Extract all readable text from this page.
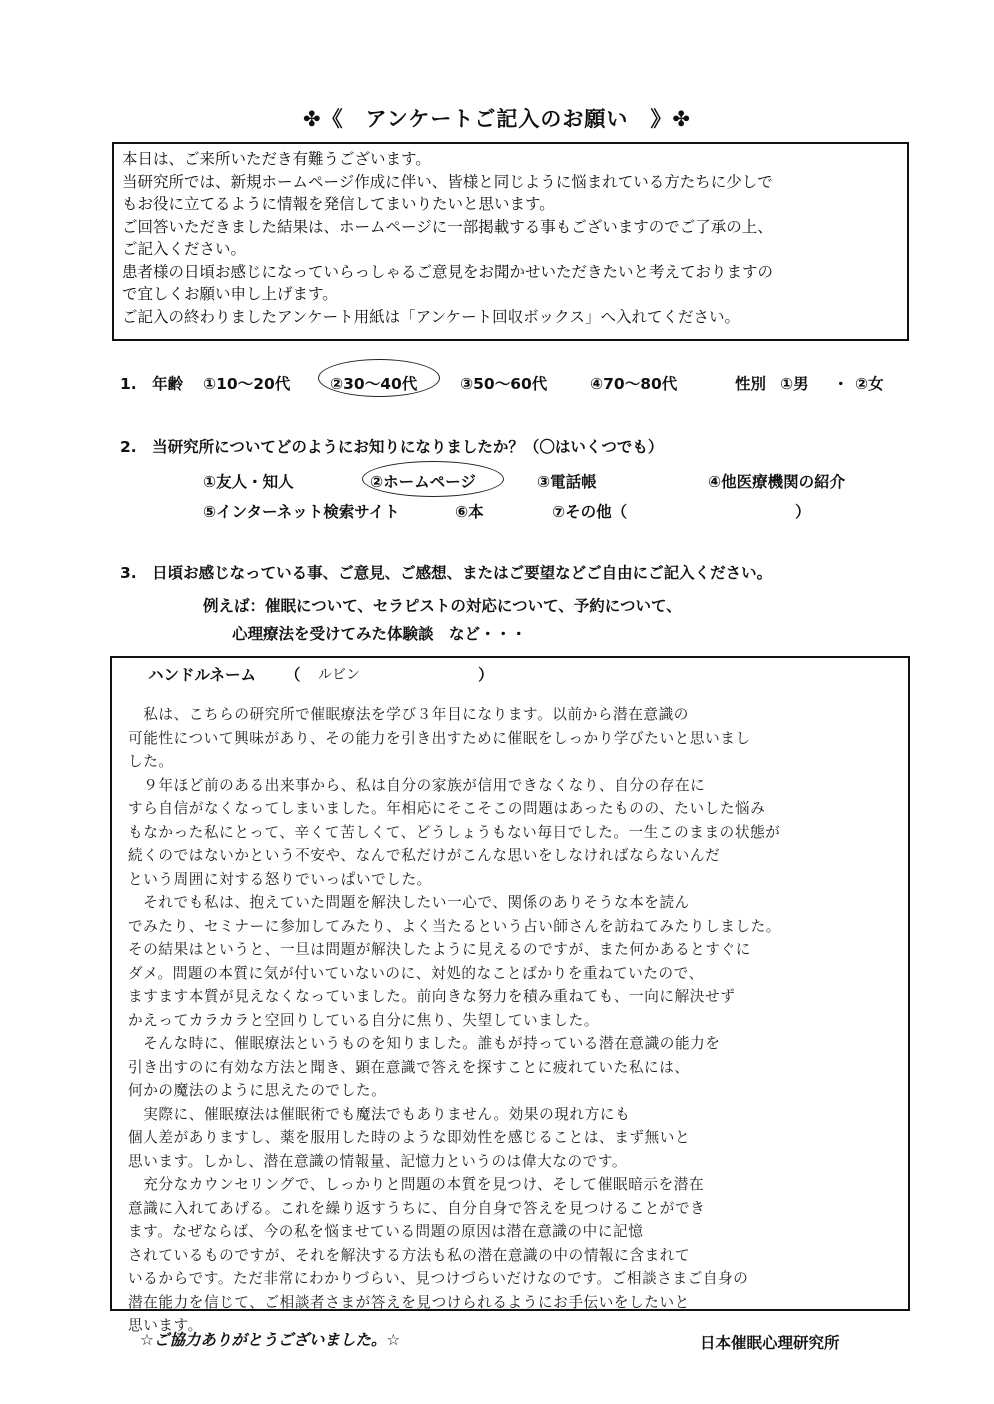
✤《　アンケートご記入のお願い　》✤

本日は、ご来所いただき有難うございます。

当研究所では、新規ホームページ作成に伴い、皆様と同じように悩まれている方たちに少しで

もお役に立てるように情報を発信してまいりたいと思います。

ご回答いただきました結果は、ホームページに一部掲載する事もございますのでご了承の上、

ご記入ください。

患者様の日頃お感じになっていらっしゃるご意見をお聞かせいただきたいと考えておりますの

で宜しくお願い申し上げます。

ご記入の終わりましたアンケート用紙は「アンケート回収ボックス」へ入れてください。

1.　年齢 ①10～20代	②30～40代	③50～60代	④70～80代	性別 ①男 ・ ②女
2.　当研究所についてどのようにお知りになりましたか？（〇はいくつでも）
①友人・知人	②ホームページ	③電話帳	④他医療機関の紹介
⑤インターネット検索サイト	⑥本	⑦その他（	）
3.　日頃お感じなっている事、ご意見、ご感想、またはご要望などご自由にご記入ください。
例えば：催眠について、セラピストの対応について、予約について、
心理療法を受けてみた体験談　など・・・
ハンドルネーム （ ルビン	）

　私は、こちらの研究所で催眠療法を学び３年目になります。以前から潜在意識の

可能性について興味があり、その能力を引き出すために催眠をしっかり学びたいと思いまし

した。

　９年ほど前のある出来事から、私は自分の家族が信用できなくなり、自分の存在に

すら自信がなくなってしまいました。年相応にそこそこの問題はあったものの、たいした悩み

もなかった私にとって、辛くて苦しくて、どうしょうもない毎日でした。一生このままの状態が

続くのではないかという不安や、なんで私だけがこんな思いをしなければならないんだ

という周囲に対する怒りでいっぱいでした。

　それでも私は、抱えていた問題を解決したい一心で、関係のありそうな本を読ん

でみたり、セミナーに参加してみたり、よく当たるという占い師さんを訪ねてみたりしました。

その結果はというと、一旦は問題が解決したように見えるのですが、また何かあるとすぐに

ダメ。問題の本質に気が付いていないのに、対処的なことばかりを重ねていたので、

ますます本質が見えなくなっていました。前向きな努力を積み重ねても、一向に解決せず

かえってカラカラと空回りしている自分に焦り、失望していました。

　そんな時に、催眠療法というものを知りました。誰もが持っている潜在意識の能力を

引き出すのに有効な方法と聞き、顕在意識で答えを探すことに疲れていた私には、

何かの魔法のように思えたのでした。

　実際に、催眠療法は催眠術でも魔法でもありません。効果の現れ方にも

個人差がありますし、薬を服用した時のような即効性を感じることは、まず無いと

思います。しかし、潜在意識の情報量、記憶力というのは偉大なのです。

　充分なカウンセリングで、しっかりと問題の本質を見つけ、そして催眠暗示を潜在

意識に入れてあげる。これを繰り返すうちに、自分自身で答えを見つけることができ

ます。なぜならば、今の私を悩ませている問題の原因は潜在意識の中に記憶

されているものですが、それを解決する方法も私の潜在意識の中の情報に含まれて

いるからです。ただ非常にわかりづらい、見つけづらいだけなのです。ご相談さまご自身の

潜在能力を信じて、ご相談者さまが答えを見つけられるようにお手伝いをしたいと

思います。

☆ご協力ありがとうございました。☆	日本催眠心理研究所
